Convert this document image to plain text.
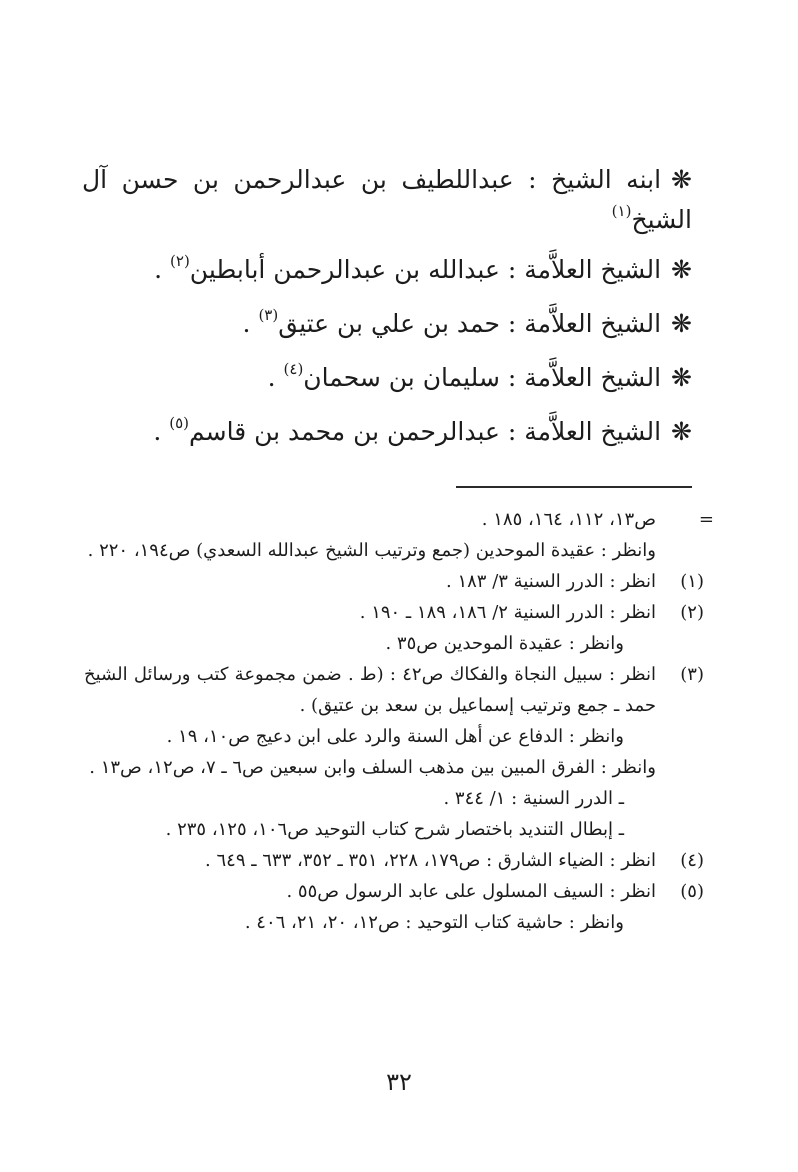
❋ابنه الشيخ : عبداللطيف بن عبدالرحمن بن حسن آل الشيخ$^{(١)}$

❋الشيخ العلاَّمة : عبدالله بن عبدالرحمن أبابطين$^{(٢)}$ .

❋الشيخ العلاَّمة : حمد بن علي بن عتيق$^{(٣)}$ .

❋الشيخ العلاَّمة : سليمان بن سحمان$^{(٤)}$ .

❋الشيخ العلاَّمة : عبدالرحمن بن محمد بن قاسم$^{(٥)}$ .

=
ص١٣، ١١٢، ١٦٤، ١٨٥ .

وانظر : عقيدة الموحدين (جمع وترتيب الشيخ عبدالله السعدي) ص١٩٤، ٢٢٠ .

(١)
انظر : الدرر السنية ٣/ ١٨٣ .

(٢)
انظر : الدرر السنية ٢/ ١٨٦، ١٨٩ ـ ١٩٠ .

وانظر : عقيدة الموحدين ص٣٥ .

(٣)
انظر : سبيل النجاة والفكاك ص٤٢ : (ط . ضمن مجموعة كتب ورسائل الشيخ حمد ـ جمع وترتيب إسماعيل بن سعد بن عتيق) .

وانظر : الدفاع عن أهل السنة والرد على ابن دعيج ص١٠، ١٩ .

وانظر : الفرق المبين بين مذهب السلف وابن سبعين ص٦ ـ ٧، ص١٢، ص١٣ .

ـ الدرر السنية : ١/ ٣٤٤ .

ـ إبطال التنديد باختصار شرح كتاب التوحيد ص١٠٦، ١٢٥، ٢٣٥ .

(٤)
انظر : الضياء الشارق : ص١٧٩، ٢٢٨، ٣٥١ ـ ٣٥٢، ٦٣٣ ـ ٦٤٩ .

(٥)
انظر : السيف المسلول على عابد الرسول ص٥٥ .

وانظر : حاشية كتاب التوحيد : ص١٢، ٢٠، ٢١، ٤٠٦ .

٣٢
